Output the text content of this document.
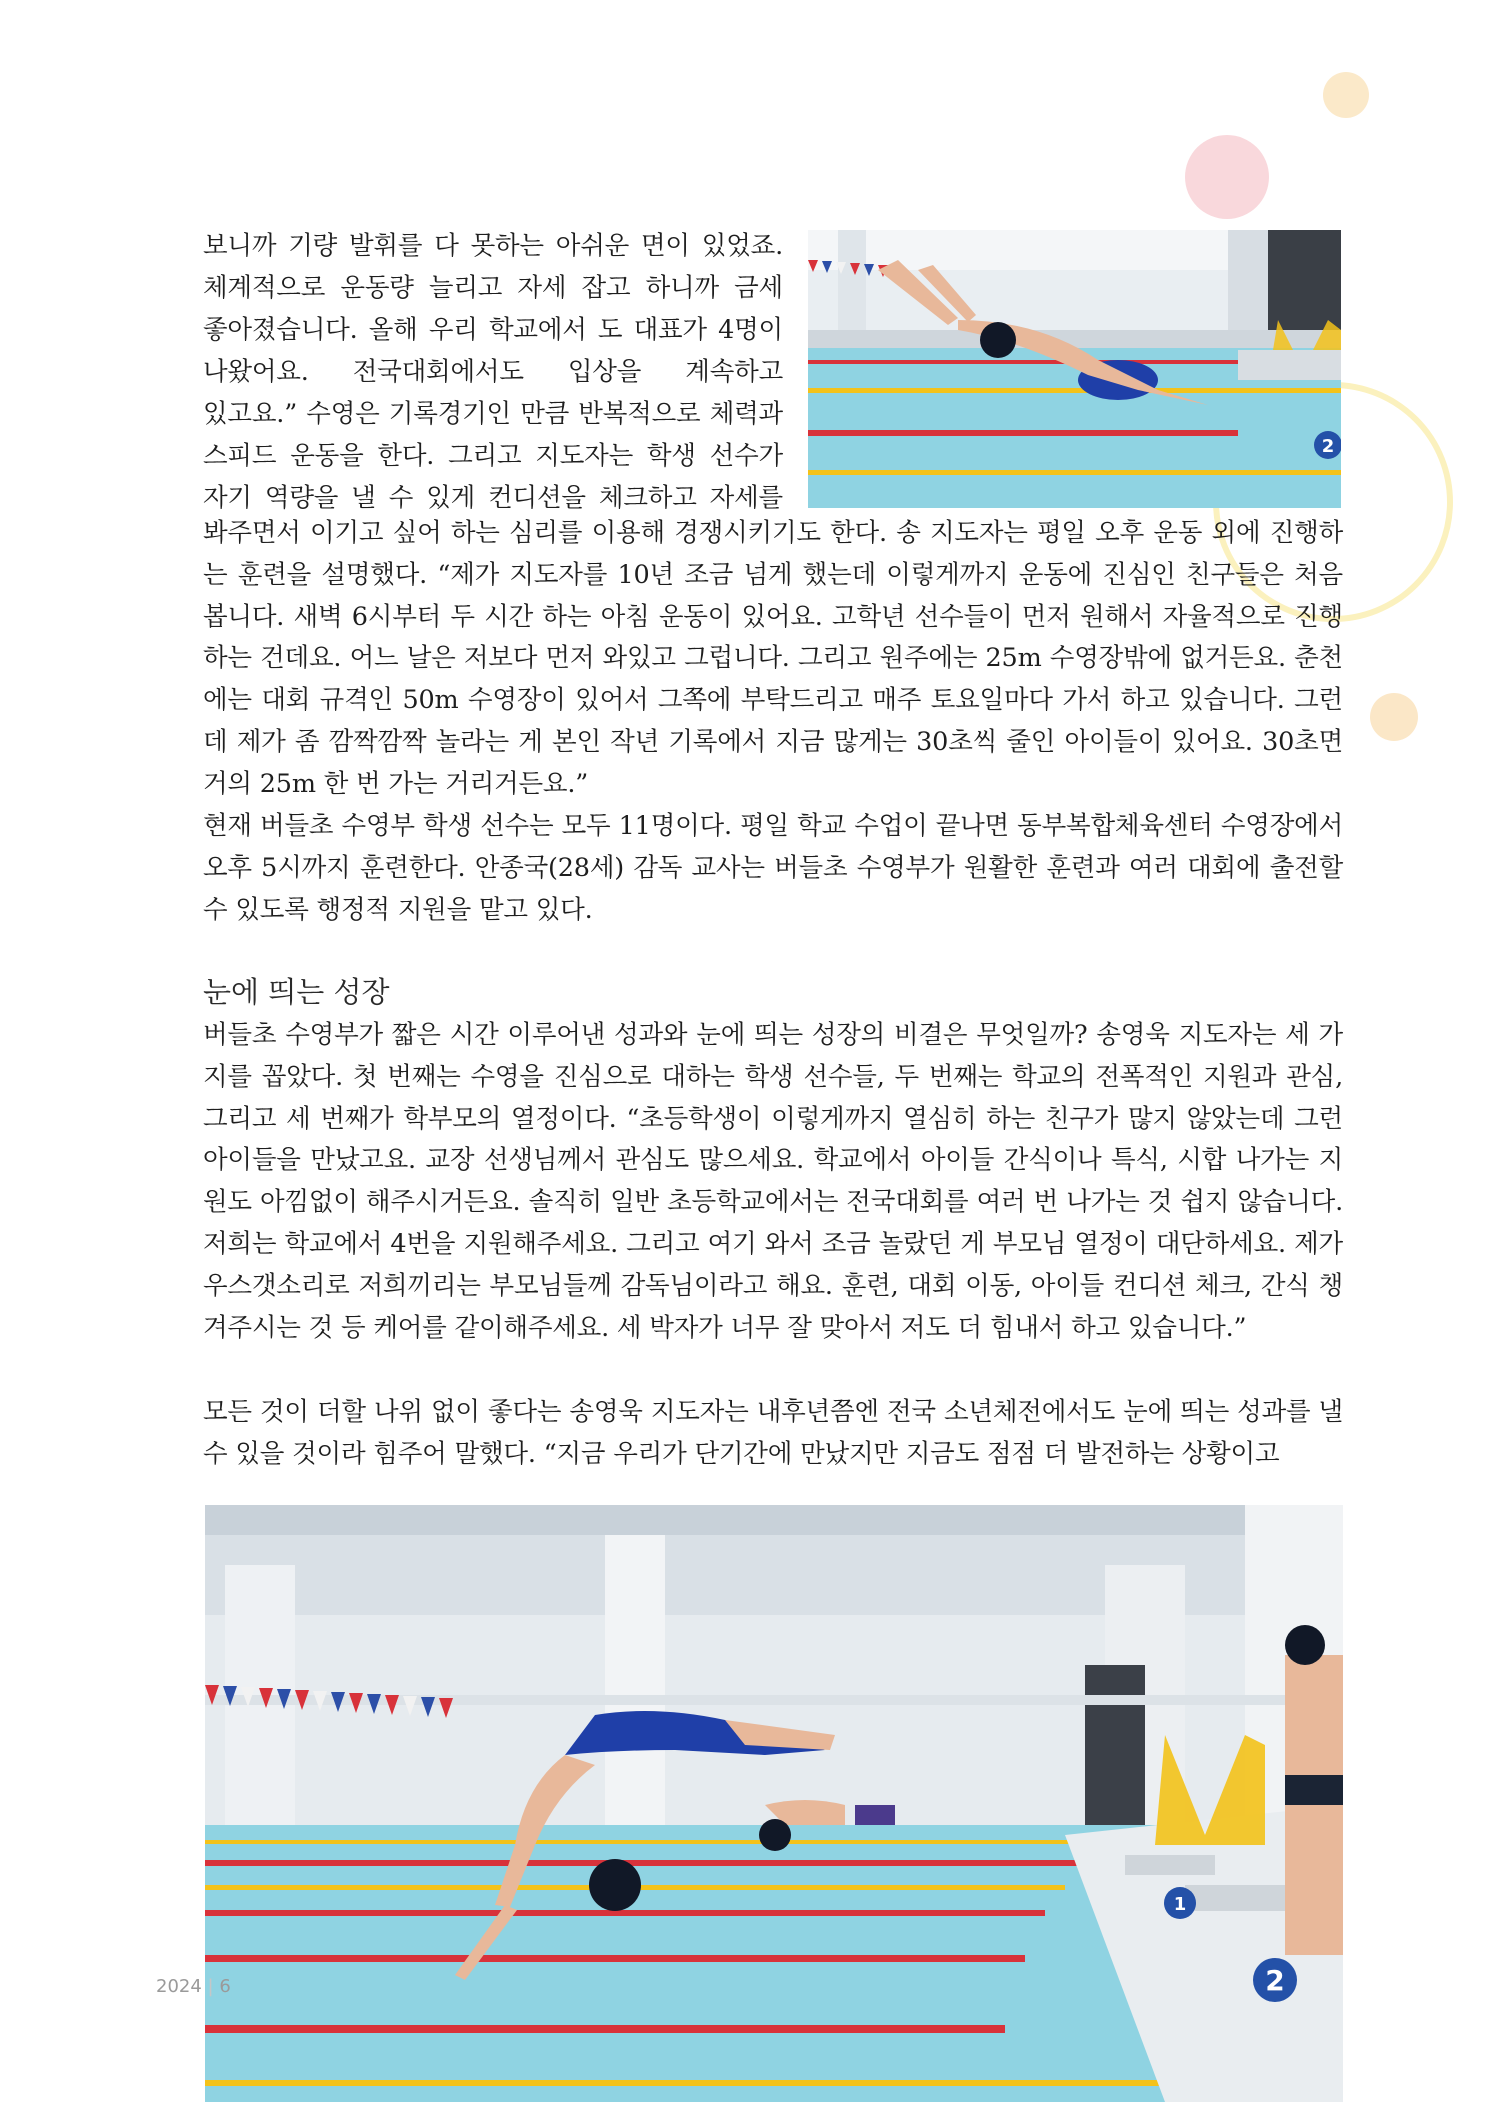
2

보니까 기량 발휘를 다 못하는 아쉬운 면이 있었죠.

체계적으로 운동량 늘리고 자세 잡고 하니까 금세

좋아졌습니다. 올해 우리 학교에서 도 대표가 4명이

나왔어요. 전국대회에서도 입상을 계속하고

있고요.” 수영은 기록경기인 만큼 반복적으로 체력과

스피드 운동을 한다. 그리고 지도자는 학생 선수가

자기 역량을 낼 수 있게 컨디션을 체크하고 자세를

봐주면서 이기고 싶어 하는 심리를 이용해 경쟁시키기도 한다. 송 지도자는 평일 오후 운동 외에 진행하는 훈련을 설명했다. “제가 지도자를 10년 조금 넘게 했는데 이렇게까지 운동에 진심인 친구들은 처음 봅니다. 새벽 6시부터 두 시간 하는 아침 운동이 있어요. 고학년 선수들이 먼저 원해서 자율적으로 진행하는 건데요. 어느 날은 저보다 먼저 와있고 그럽니다. 그리고 원주에는 25m 수영장밖에 없거든요. 춘천에는 대회 규격인 50m 수영장이 있어서 그쪽에 부탁드리고 매주 토요일마다 가서 하고 있습니다. 그런데 제가 좀 깜짝깜짝 놀라는 게 본인 작년 기록에서 지금 많게는 30초씩 줄인 아이들이 있어요. 30초면 거의 25m 한 번 가는 거리거든요.”

현재 버들초 수영부 학생 선수는 모두 11명이다. 평일 학교 수업이 끝나면 동부복합체육센터 수영장에서 오후 5시까지 훈련한다. 안종국(28세) 감독 교사는 버들초 수영부가 원활한 훈련과 여러 대회에 출전할 수 있도록 행정적 지원을 맡고 있다.

눈에 띄는 성장

버들초 수영부가 짧은 시간 이루어낸 성과와 눈에 띄는 성장의 비결은 무엇일까? 송영욱 지도자는 세 가지를 꼽았다. 첫 번째는 수영을 진심으로 대하는 학생 선수들, 두 번째는 학교의 전폭적인 지원과 관심, 그리고 세 번째가 학부모의 열정이다. “초등학생이 이렇게까지 열심히 하는 친구가 많지 않았는데 그런 아이들을 만났고요. 교장 선생님께서 관심도 많으세요. 학교에서 아이들 간식이나 특식, 시합 나가는 지원도 아낌없이 해주시거든요. 솔직히 일반 초등학교에서는 전국대회를 여러 번 나가는 것 쉽지 않습니다. 저희는 학교에서 4번을 지원해주세요. 그리고 여기 와서 조금 놀랐던 게 부모님 열정이 대단하세요. 제가 우스갯소리로 저희끼리는 부모님들께 감독님이라고 해요. 훈련, 대회 이동, 아이들 컨디션 체크, 간식 챙겨주시는 것 등 케어를 같이해주세요. 세 박자가 너무 잘 맞아서 저도 더 힘내서 하고 있습니다.”

모든 것이 더할 나위 없이 좋다는 송영욱 지도자는 내후년쯤엔 전국 소년체전에서도 눈에 띄는 성과를 낼 수 있을 것이라 힘주어 말했다. “지금 우리가 단기간에 만났지만 지금도 점점 더 발전하는 상황이고

1
2
2024 | 6
